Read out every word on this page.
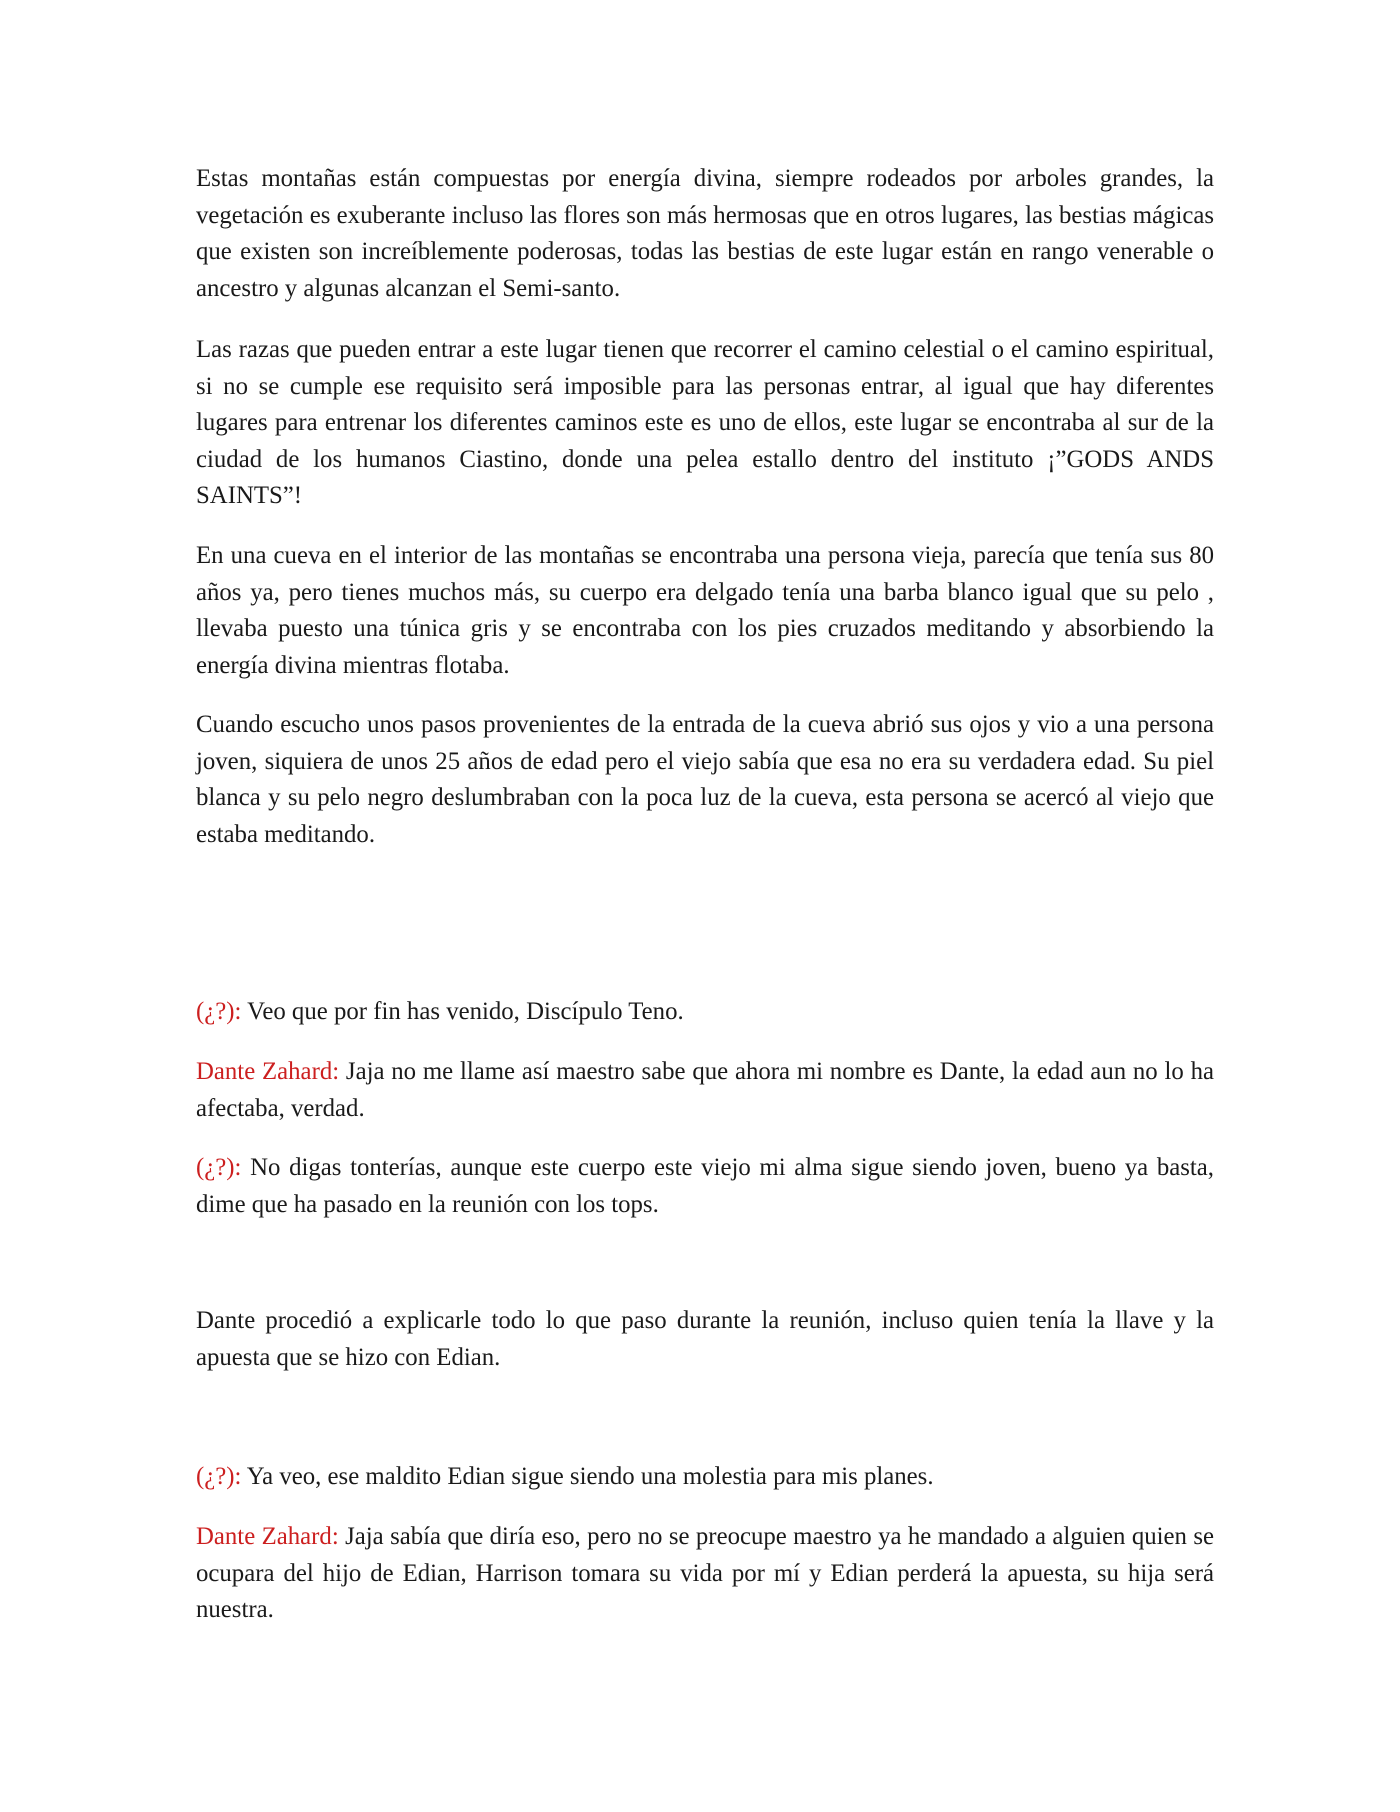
Estas montañas están compuestas por energía divina, siempre rodeados por arboles grandes, la vegetación es exuberante incluso las flores son más hermosas que en otros lugares, las bestias mágicas que existen son increíblemente poderosas, todas las bestias de este lugar están en rango venerable o ancestro y algunas alcanzan el Semi-santo.

Las razas que pueden entrar a este lugar tienen que recorrer el camino celestial o el camino espiritual, si no se cumple ese requisito será imposible para las personas entrar, al igual que hay diferentes lugares para entrenar los diferentes caminos este es uno de ellos, este lugar se encontraba al sur de la ciudad de los humanos Ciastino, donde una pelea estallo dentro del instituto ¡”GODS ANDS SAINTS”!

En una cueva en el interior de las montañas se encontraba una persona vieja, parecía que tenía sus 80 años ya, pero tienes muchos más, su cuerpo era delgado tenía una barba blanco igual que su pelo , llevaba puesto una túnica gris y se encontraba con los pies cruzados meditando y absorbiendo la energía divina mientras flotaba.

Cuando escucho unos pasos provenientes de la entrada de la cueva abrió sus ojos y vio a una persona joven, siquiera de unos 25 años de edad pero el viejo sabía que esa no era su verdadera edad. Su piel blanca y su pelo negro deslumbraban con la poca luz de la cueva, esta persona se acercó al viejo que estaba meditando.

(¿?): Veo que por fin has venido, Discípulo Teno.

Dante Zahard: Jaja no me llame así maestro sabe que ahora mi nombre es Dante, la edad aun no lo ha afectaba, verdad.

(¿?): No digas tonterías, aunque este cuerpo este viejo mi alma sigue siendo joven, bueno ya basta, dime que ha pasado en la reunión con los tops.

Dante procedió a explicarle todo lo que paso durante la reunión, incluso quien tenía la llave y la apuesta que se hizo con Edian.

(¿?): Ya veo, ese maldito Edian sigue siendo una molestia para mis planes.

Dante Zahard: Jaja sabía que diría eso, pero no se preocupe maestro ya he mandado a alguien quien se ocupara del hijo de Edian, Harrison tomara su vida por mí y Edian perderá la apuesta, su hija será nuestra.
